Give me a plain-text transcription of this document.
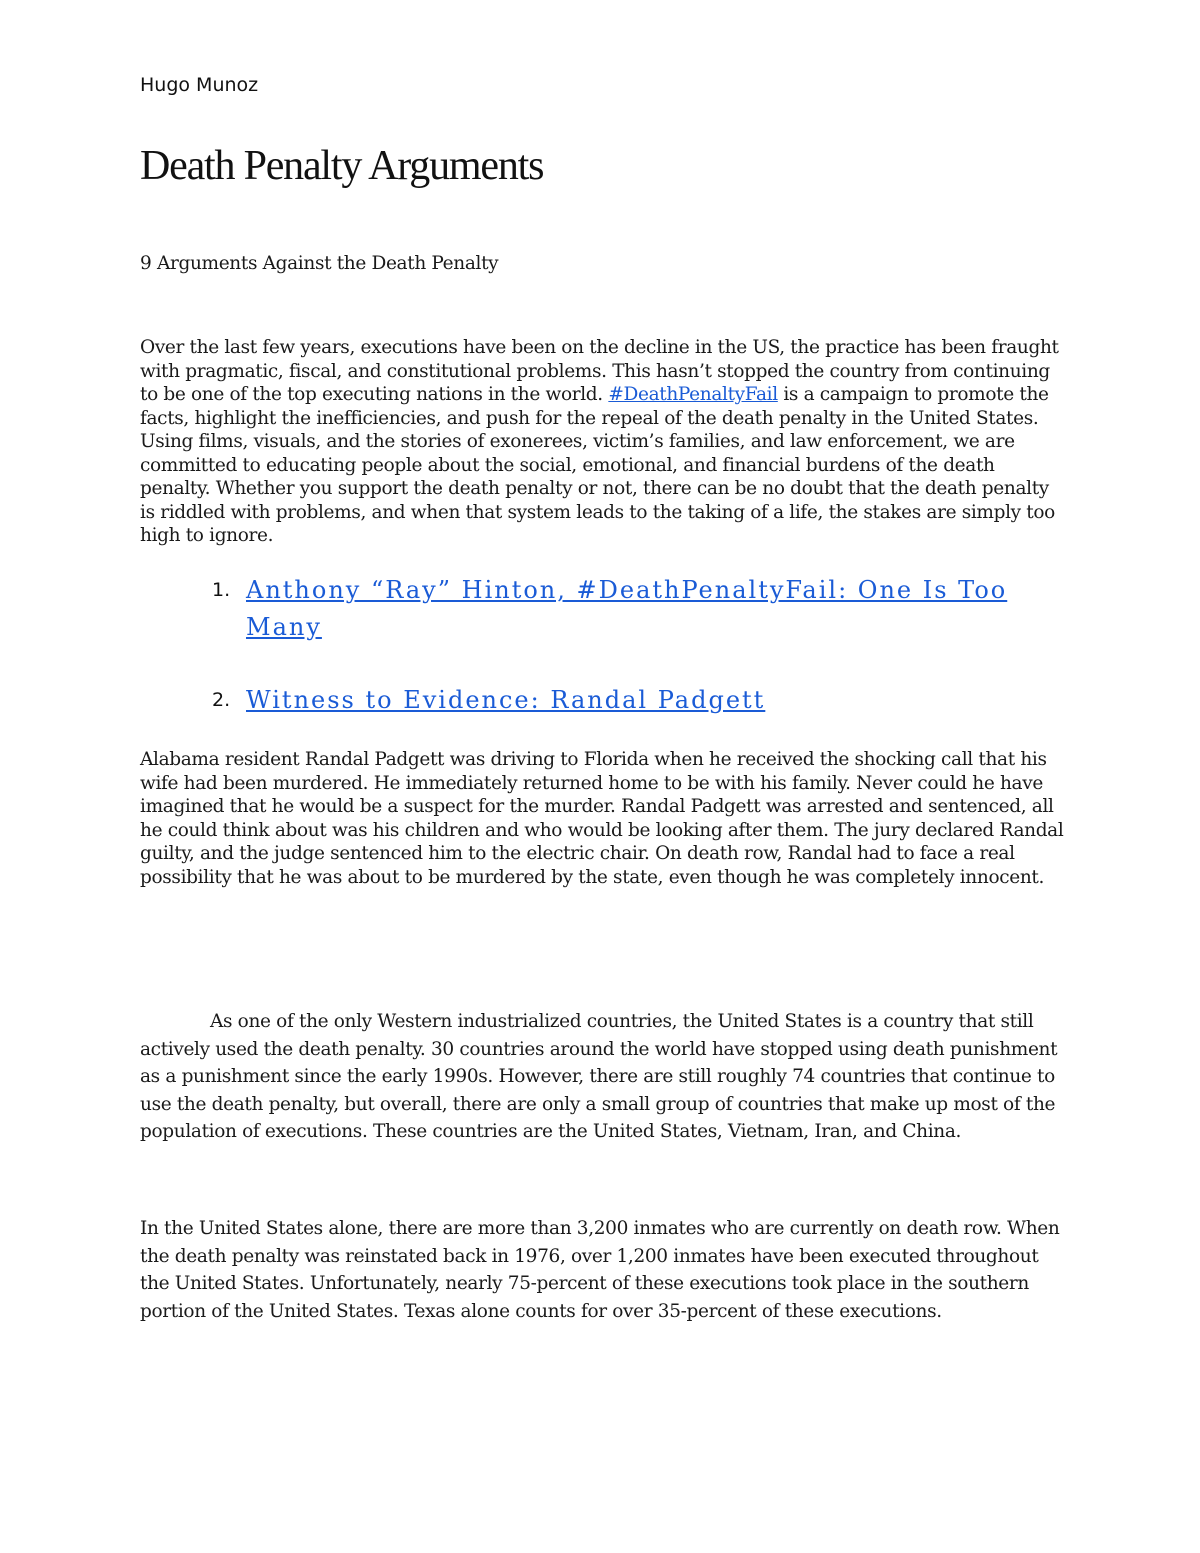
Hugo Munoz
Death Penalty Arguments

9 Arguments Against the Death Penalty

Over the last few years, executions have been on the decline in the US, the practice has been fraught with pragmatic, fiscal, and constitutional problems. This hasn’t stopped the country from continuing to be one of the top executing nations in the world. #DeathPenaltyFail is a campaign to promote the facts, highlight the inefficiencies, and push for the repeal of the death penalty in the United States. Using films, visuals, and the stories of exonerees, victim’s families, and law enforcement, we are committed to educating people about the social, emotional, and financial burdens of the death penalty. Whether you support the death penalty or not, there can be no doubt that the death penalty is riddled with problems, and when that system leads to the taking of a life, the stakes are simply too high to ignore.

1. Anthony “Ray” Hinton, #DeathPenaltyFail: One Is Too Many
2. Witness to Evidence: Randal Padgett

Alabama resident Randal Padgett was driving to Florida when he received the shocking call that his wife had been murdered. He immediately returned home to be with his family. Never could he have imagined that he would be a suspect for the murder. Randal Padgett was arrested and sentenced, all he could think about was his children and who would be looking after them. The jury declared Randal guilty, and the judge sentenced him to the electric chair. On death row, Randal had to face a real possibility that he was about to be murdered by the state, even though he was completely innocent.

As one of the only Western industrialized countries, the United States is a country that still actively used the death penalty. 30 countries around the world have stopped using death punishment as a punishment since the early 1990s. However, there are still roughly 74 countries that continue to use the death penalty, but overall, there are only a small group of countries that make up most of the population of executions. These countries are the United States, Vietnam, Iran, and China.

In the United States alone, there are more than 3,200 inmates who are currently on death row. When the death penalty was reinstated back in 1976, over 1,200 inmates have been executed throughout the United States. Unfortunately, nearly 75-percent of these executions took place in the southern portion of the United States. Texas alone counts for over 35-percent of these executions.
